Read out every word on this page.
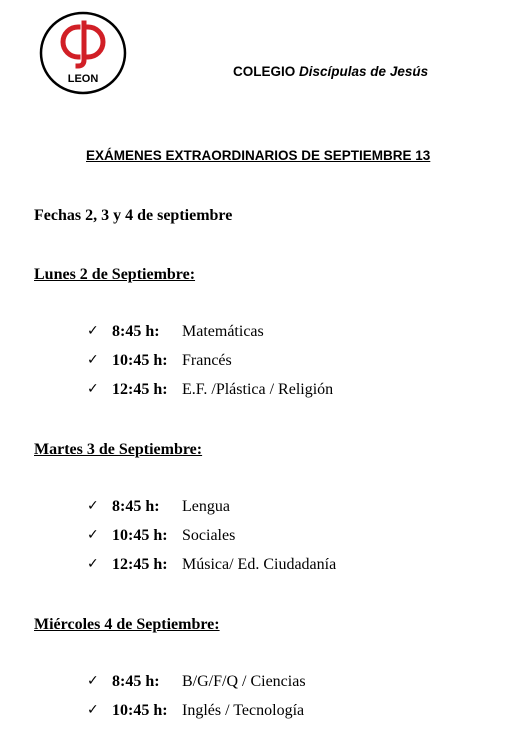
LEON	COLEGIO Discípulas de Jesús
EXÁMENES EXTRAORDINARIOS DE SEPTIEMBRE 13
Fechas 2, 3 y 4 de septiembre
Lunes 2 de Septiembre:
✓ 8:45 h: Matemáticas
✓ 10:45 h: Francés
✓ 12:45 h: E.F. /Plástica / Religión
Martes 3 de Septiembre:
✓ 8:45 h: Lengua
✓ 10:45 h: Sociales
✓ 12:45 h: Música/ Ed. Ciudadanía
Miércoles 4 de Septiembre:
✓ 8:45 h: B/G/F/Q / Ciencias
✓ 10:45 h: Inglés / Tecnología
